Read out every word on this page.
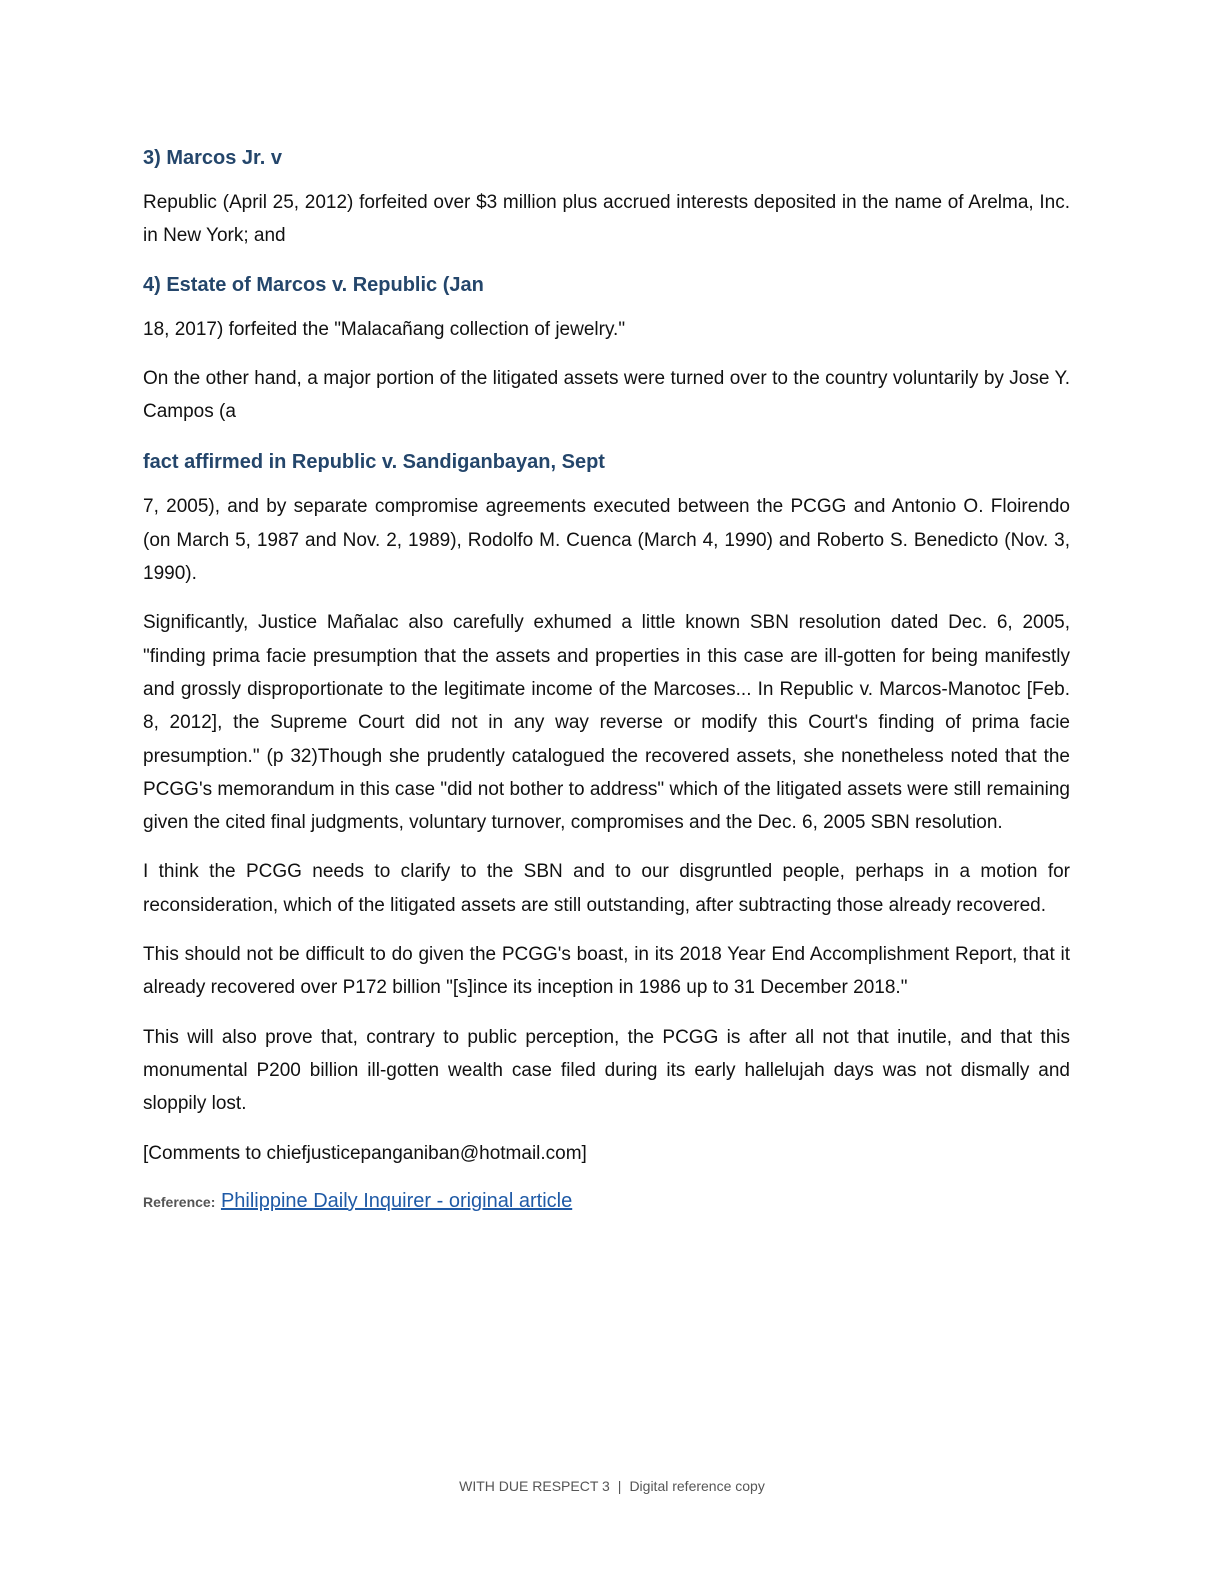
3) Marcos Jr. v

Republic (April 25, 2012) forfeited over $3 million plus accrued interests deposited in the name of Arelma, Inc. in New York; and

4) Estate of Marcos v. Republic (Jan

18, 2017) forfeited the "Malacañang collection of jewelry."

On the other hand, a major portion of the litigated assets were turned over to the country voluntarily by Jose Y. Campos (a

fact affirmed in Republic v. Sandiganbayan, Sept

7, 2005), and by separate compromise agreements executed between the PCGG and Antonio O. Floirendo (on March 5, 1987 and Nov. 2, 1989), Rodolfo M. Cuenca (March 4, 1990) and Roberto S. Benedicto (Nov. 3, 1990).

Significantly, Justice Mañalac also carefully exhumed a little known SBN resolution dated Dec. 6, 2005, "finding prima facie presumption that the assets and properties in this case are ill-gotten for being manifestly and grossly disproportionate to the legitimate income of the Marcoses... In Republic v. Marcos-Manotoc [Feb. 8, 2012], the Supreme Court did not in any way reverse or modify this Court's finding of prima facie presumption." (p 32)Though she prudently catalogued the recovered assets, she nonetheless noted that the PCGG's memorandum in this case "did not bother to address" which of the litigated assets were still remaining given the cited final judgments, voluntary turnover, compromises and the Dec. 6, 2005 SBN resolution.

I think the PCGG needs to clarify to the SBN and to our disgruntled people, perhaps in a motion for reconsideration, which of the litigated assets are still outstanding, after subtracting those already recovered.

This should not be difficult to do given the PCGG's boast, in its 2018 Year End Accomplishment Report, that it already recovered over P172 billion "[s]ince its inception in 1986 up to 31 December 2018."

This will also prove that, contrary to public perception, the PCGG is after all not that inutile, and that this monumental P200 billion ill-gotten wealth case filed during its early hallelujah days was not dismally and sloppily lost.

[Comments to chiefjusticepanganiban@hotmail.com]

Reference: Philippine Daily Inquirer - original article
WITH DUE RESPECT 3 | Digital reference copy
